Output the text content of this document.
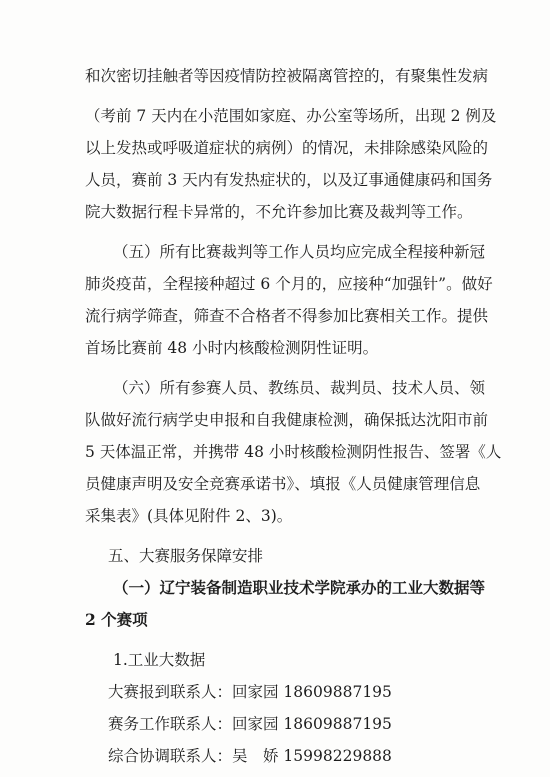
和次密切挂触者等因疫情防控被隔离管控的，有聚集性发病
（考前 7 天内在小范围如家庭、办公室等场所，出现 2 例及
以上发热或呼吸道症状的病例）的情况，未排除感染风险的
人员，赛前 3 天内有发热症状的，以及辽事通健康码和国务
院大数据行程卡异常的，不允许参加比赛及裁判等工作。
（五）所有比赛裁判等工作人员均应完成全程接种新冠
肺炎疫苗，全程接种超过 6 个月的，应接种“加强针”。做好
流行病学筛查，筛查不合格者不得参加比赛相关工作。提供
首场比赛前 48 小时内核酸检测阴性证明。
（六）所有参赛人员、教练员、裁判员、技术人员、领
队做好流行病学史申报和自我健康检测，确保抵达沈阳市前
5 天体温正常，并携带 48 小时核酸检测阴性报告、签署《人
员健康声明及安全竞赛承诺书》、填报《人员健康管理信息
采集表》(具体见附件 2、3)。
五、大赛服务保障安排
（一）辽宁装备制造职业技术学院承办的工业大数据等
2 个赛项
1.工业大数据
大赛报到联系人：回家园 18609887195
赛务工作联系人：回家园 18609887195
综合协调联系人：吴　娇 15998229888
